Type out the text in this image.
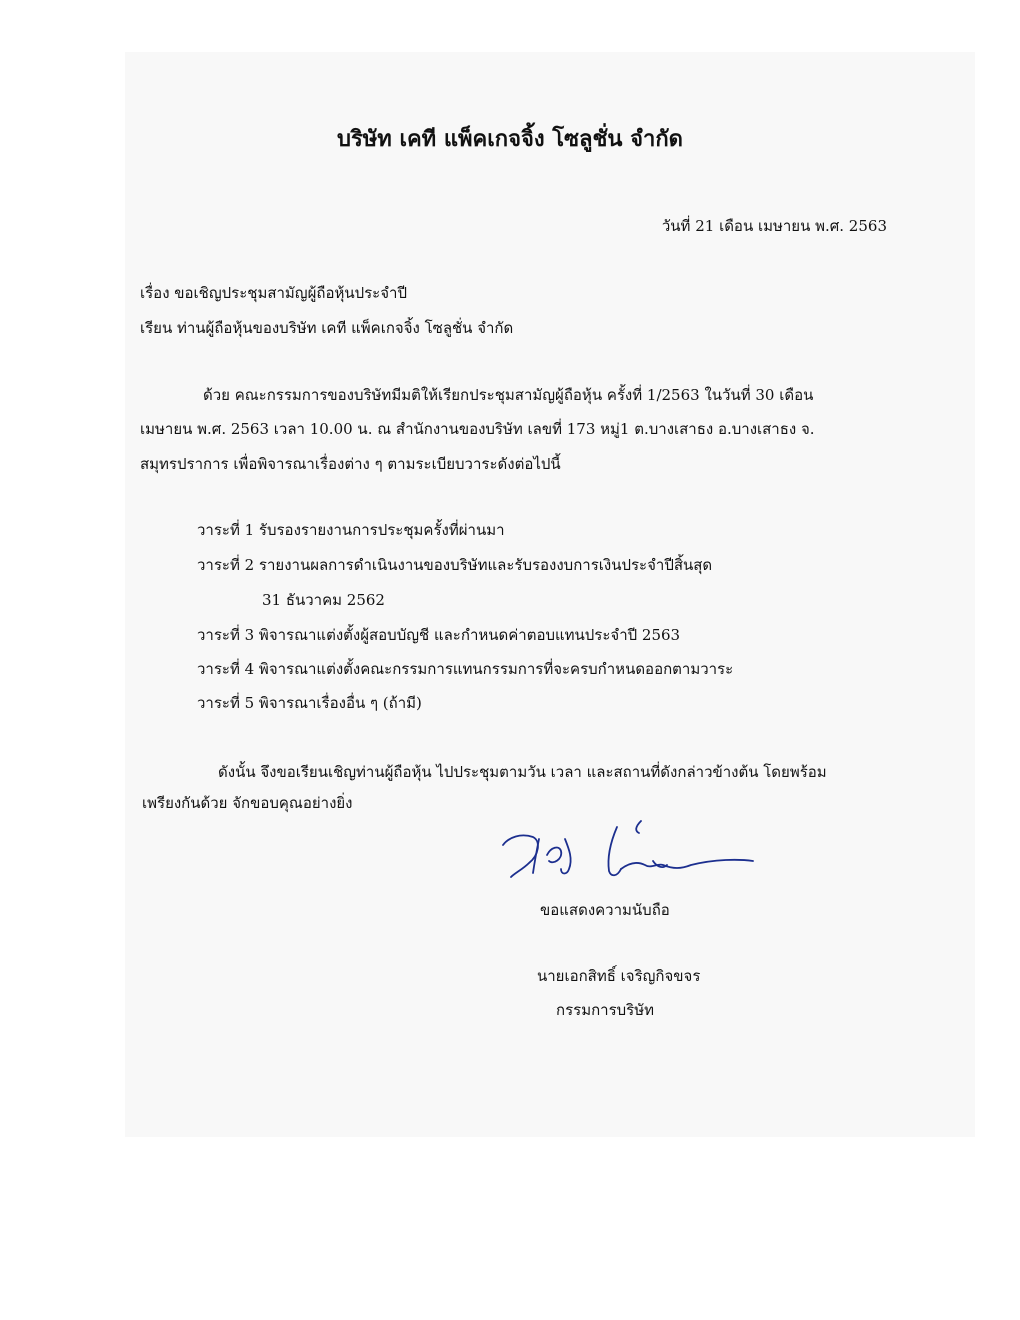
บริษัท เคที แพ็คเกจจิ้ง โซลูชั่น จำกัด
วันที่ 21 เดือน เมษายน พ.ศ. 2563
เรื่อง ขอเชิญประชุมสามัญผู้ถือหุ้นประจำปี
เรียน ท่านผู้ถือหุ้นของบริษัท เคที แพ็คเกจจิ้ง โซลูชั่น จำกัด
ด้วย คณะกรรมการของบริษัทมีมติให้เรียกประชุมสามัญผู้ถือหุ้น ครั้งที่ 1/2563 ในวันที่ 30 เดือน
เมษายน พ.ศ. 2563 เวลา 10.00 น. ณ สำนักงานของบริษัท เลขที่ 173 หมู่1 ต.บางเสาธง อ.บางเสาธง จ.
สมุทรปราการ เพื่อพิจารณาเรื่องต่าง ๆ ตามระเบียบวาระดังต่อไปนี้
วาระที่ 1 รับรองรายงานการประชุมครั้งที่ผ่านมา
วาระที่ 2 รายงานผลการดำเนินงานของบริษัทและรับรองงบการเงินประจำปีสิ้นสุด
31 ธันวาคม 2562
วาระที่ 3 พิจารณาแต่งตั้งผู้สอบบัญชี และกำหนดค่าตอบแทนประจำปี 2563
วาระที่ 4 พิจารณาแต่งตั้งคณะกรรมการแทนกรรมการที่จะครบกำหนดออกตามวาระ
วาระที่ 5 พิจารณาเรื่องอื่น ๆ (ถ้ามี)
ดังนั้น จึงขอเรียนเชิญท่านผู้ถือหุ้น ไปประชุมตามวัน เวลา และสถานที่ดังกล่าวข้างต้น โดยพร้อม
เพรียงกันด้วย จักขอบคุณอย่างยิ่ง
ขอแสดงความนับถือ
นายเอกสิทธิ์ เจริญกิจขจร
กรรมการบริษัท
